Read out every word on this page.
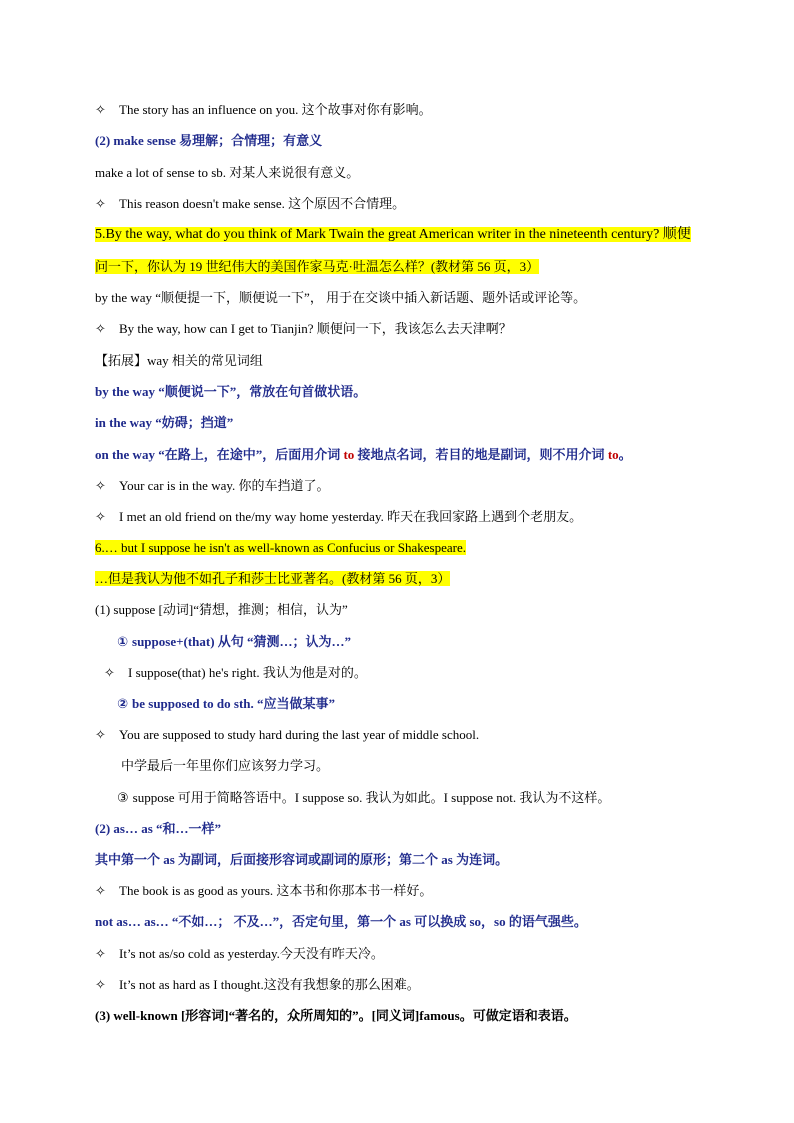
✧ The story has an influence on you. 这个故事对你有影响。
(2) make sense 易理解；合情理；有意义
make a lot of sense to sb. 对某人来说很有意义。
✧ This reason doesn't make sense. 这个原因不合情理。
5.By the way, what do you think of Mark Twain the great American writer in the nineteenth century? 顺便
问一下，你认为 19 世纪伟大的美国作家马克·吐温怎么样？(教材第 56 页，3）
by the way “顺便提一下，顺便说一下”， 用于在交谈中插入新话题、题外话或评论等。
✧ By the way, how can I get to Tianjin? 顺便问一下，我该怎么去天津啊？
【拓展】way 相关的常见词组
by the way “顺便说一下”，常放在句首做状语。
in the way “妨碍；挡道”
on the way “在路上，在途中”，后面用介词 to 接地点名词，若目的地是副词，则不用介词 to。
✧ Your car is in the way. 你的车挡道了。
✧ I met an old friend on the/my way home yesterday. 昨天在我回家路上遇到个老朋友。
6.… but I suppose he isn't as well-known as Confucius or Shakespeare.
…但是我认为他不如孔子和莎士比亚著名。(教材第 56 页，3）
(1) suppose [动词]“猜想，推测；相信，认为”
① suppose+(that) 从句 “猜测…；认为…”
✧ I suppose(that) he's right. 我认为他是对的。
② be supposed to do sth. “应当做某事”
✧ You are supposed to study hard during the last year of middle school.
中学最后一年里你们应该努力学习。
③ suppose 可用于简略答语中。I suppose so. 我认为如此。I suppose not. 我认为不这样。
(2) as… as “和…一样”
其中第一个 as 为副词，后面接形容词或副词的原形；第二个 as 为连词。
✧ The book is as good as yours. 这本书和你那本书一样好。
not as… as… “不如…； 不及…”，否定句里，第一个 as 可以换成 so，so 的语气强些。
✧ It’s not as/so cold as yesterday.今天没有昨天冷。
✧ It’s not as hard as I thought.这没有我想象的那么困难。
(3) well-known [形容词]“著名的，众所周知的”。[同义词]famous。可做定语和表语。
